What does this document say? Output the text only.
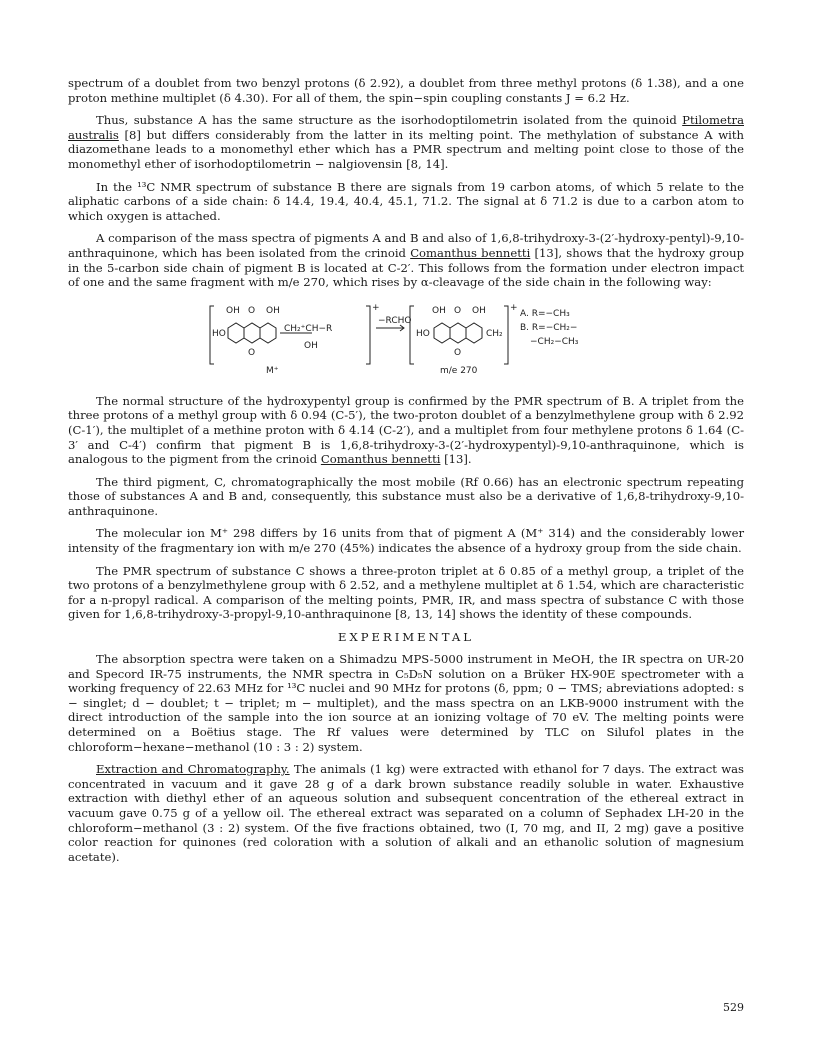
spectrum of a doublet from two benzyl protons (δ 2.92), a doublet from three methyl protons (δ 1.38), and a one proton methine multiplet (δ 4.30). For all of them, the spin−spin coupling constants J = 6.2 Hz.

Thus, substance A has the same structure as the isorhodoptilometrin isolated from the quinoid Ptilometra australis [8] but differs considerably from the latter in its melting point. The methylation of substance A with diazomethane leads to a monomethyl ether which has a PMR spectrum and melting point close to those of the monomethyl ether of isorhodoptilometrin − nalgiovensin [8, 14].

In the ¹³C NMR spectrum of substance B there are signals from 19 carbon atoms, of which 5 relate to the aliphatic carbons of a side chain: δ 14.4, 19.4, 40.4, 45.1, 71.2. The signal at δ 71.2 is due to a carbon atom to which oxygen is attached.

A comparison of the mass spectra of pigments A and B and also of 1,6,8-trihydroxy-3-(2′-hydroxy-pentyl)-9,10-anthraquinone, which has been isolated from the crinoid Comanthus bennetti [13], shows that the hydroxy group in the 5-carbon side chain of pigment B is located at C-2′. This follows from the formation under electron impact of one and the same fragment with m/e 270, which rises by α-cleavage of the side chain in the following way:

OH O OH
HO
O
CH₂⁺CH−R
OH
M⁺
+
−RCHO
OH O OH
HO	CH₂
O
m/e 270
+
A. R=−CH₃
B. R=−CH₂−
−CH₂−CH₃

The normal structure of the hydroxypentyl group is confirmed by the PMR spectrum of B. A triplet from the three protons of a methyl group with δ 0.94 (C-5′), the two-proton doublet of a benzylmethylene group with δ 2.92 (C-1′), the multiplet of a methine proton with δ 4.14 (C-2′), and a multiplet from four methylene protons δ 1.64 (C-3′ and C-4′) confirm that pigment B is 1,6,8-trihydroxy-3-(2′-hydroxypentyl)-9,10-anthraquinone, which is analogous to the pigment from the crinoid Comanthus bennetti [13].

The third pigment, C, chromatographically the most mobile (Rf 0.66) has an electronic spectrum repeating those of substances A and B and, consequently, this substance must also be a derivative of 1,6,8-trihydroxy-9,10-anthraquinone.

The molecular ion M⁺ 298 differs by 16 units from that of pigment A (M⁺ 314) and the considerably lower intensity of the fragmentary ion with m/e 270 (45%) indicates the absence of a hydroxy group from the side chain.

The PMR spectrum of substance C shows a three-proton triplet at δ 0.85 of a methyl group, a triplet of the two protons of a benzylmethylene group with δ 2.52, and a methylene multiplet at δ 1.54, which are characteristic for a n-propyl radical. A comparison of the melting points, PMR, IR, and mass spectra of substance C with those given for 1,6,8-trihydroxy-3-propyl-9,10-anthraquinone [8, 13, 14] shows the identity of these compounds.

EXPERIMENTAL

The absorption spectra were taken on a Shimadzu MPS-5000 instrument in MeOH, the IR spectra on UR-20 and Specord IR-75 instruments, the NMR spectra in C₅D₅N solution on a Brüker HX-90E spectrometer with a working frequency of 22.63 MHz for ¹³C nuclei and 90 MHz for protons (δ, ppm; 0 − TMS; abreviations adopted: s − singlet; d − doublet; t − triplet; m − multiplet), and the mass spectra on an LKB-9000 instrument with the direct introduction of the sample into the ion source at an ionizing voltage of 70 eV. The melting points were determined on a Boëtius stage. The Rf values were determined by TLC on Silufol plates in the chloroform−hexane−methanol (10 : 3 : 2) system.

Extraction and Chromatography. The animals (1 kg) were extracted with ethanol for 7 days. The extract was concentrated in vacuum and it gave 28 g of a dark brown substance readily soluble in water. Exhaustive extraction with diethyl ether of an aqueous solution and subsequent concentration of the ethereal extract in vacuum gave 0.75 g of a yellow oil. The ethereal extract was separated on a column of Sephadex LH-20 in the chloroform−methanol (3 : 2) system. Of the five fractions obtained, two (I, 70 mg, and II, 2 mg) gave a positive color reaction for quinones (red coloration with a solution of alkali and an ethanolic solution of magnesium acetate).

529
